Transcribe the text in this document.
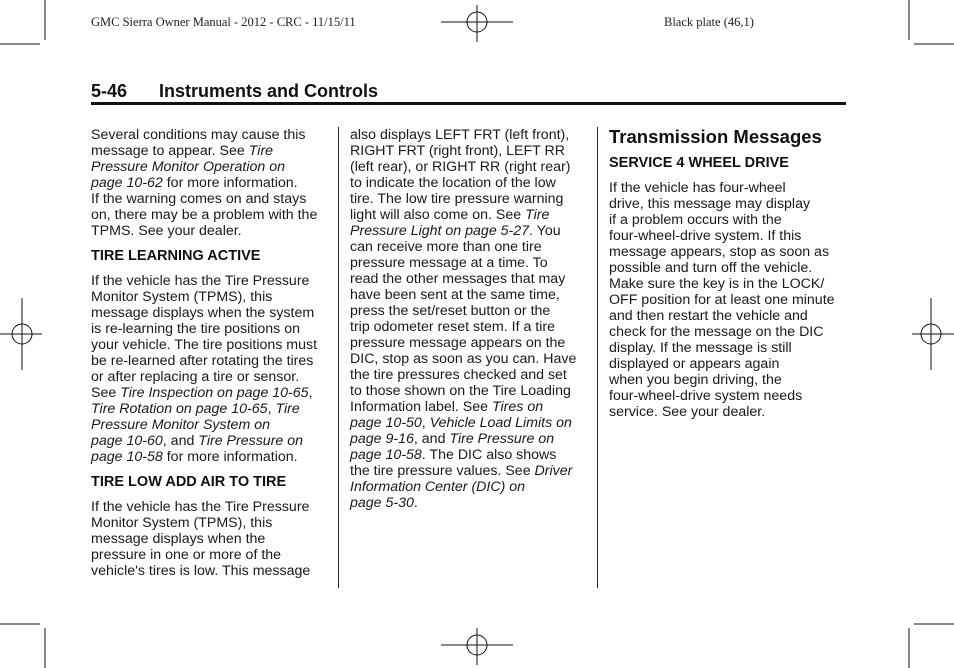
GMC Sierra Owner Manual - 2012 - CRC - 11/15/11	Black plate (46,1)
5-46 Instruments and Controls

Several conditions may cause this
message to appear. See Tire
Pressure Monitor Operation on
page 10-62 for more information.
If the warning comes on and stays
on, there may be a problem with the
TPMS. See your dealer.

TIRE LEARNING ACTIVE

If the vehicle has the Tire Pressure
Monitor System (TPMS), this
message displays when the system
is re-learning the tire positions on
your vehicle. The tire positions must
be re-learned after rotating the tires
or after replacing a tire or sensor.
See Tire Inspection on page 10-65,
Tire Rotation on page 10-65, Tire
Pressure Monitor System on
page 10-60, and Tire Pressure on
page 10-58 for more information.

TIRE LOW ADD AIR TO TIRE

If the vehicle has the Tire Pressure
Monitor System (TPMS), this
message displays when the
pressure in one or more of the
vehicle's tires is low. This message

also displays LEFT FRT (left front),
RIGHT FRT (right front), LEFT RR
(left rear), or RIGHT RR (right rear)
to indicate the location of the low
tire. The low tire pressure warning
light will also come on. See Tire
Pressure Light on page 5-27. You
can receive more than one tire
pressure message at a time. To
read the other messages that may
have been sent at the same time,
press the set/reset button or the
trip odometer reset stem. If a tire
pressure message appears on the
DIC, stop as soon as you can. Have
the tire pressures checked and set
to those shown on the Tire Loading
Information label. See Tires on
page 10-50, Vehicle Load Limits on
page 9-16, and Tire Pressure on
page 10-58. The DIC also shows
the tire pressure values. See Driver
Information Center (DIC) on
page 5-30.

Transmission Messages
SERVICE 4 WHEEL DRIVE

If the vehicle has four-wheel
drive, this message may display
if a problem occurs with the
four-wheel-drive system. If this
message appears, stop as soon as
possible and turn off the vehicle.
Make sure the key is in the LOCK/
OFF position for at least one minute
and then restart the vehicle and
check for the message on the DIC
display. If the message is still
displayed or appears again
when you begin driving, the
four-wheel-drive system needs
service. See your dealer.
